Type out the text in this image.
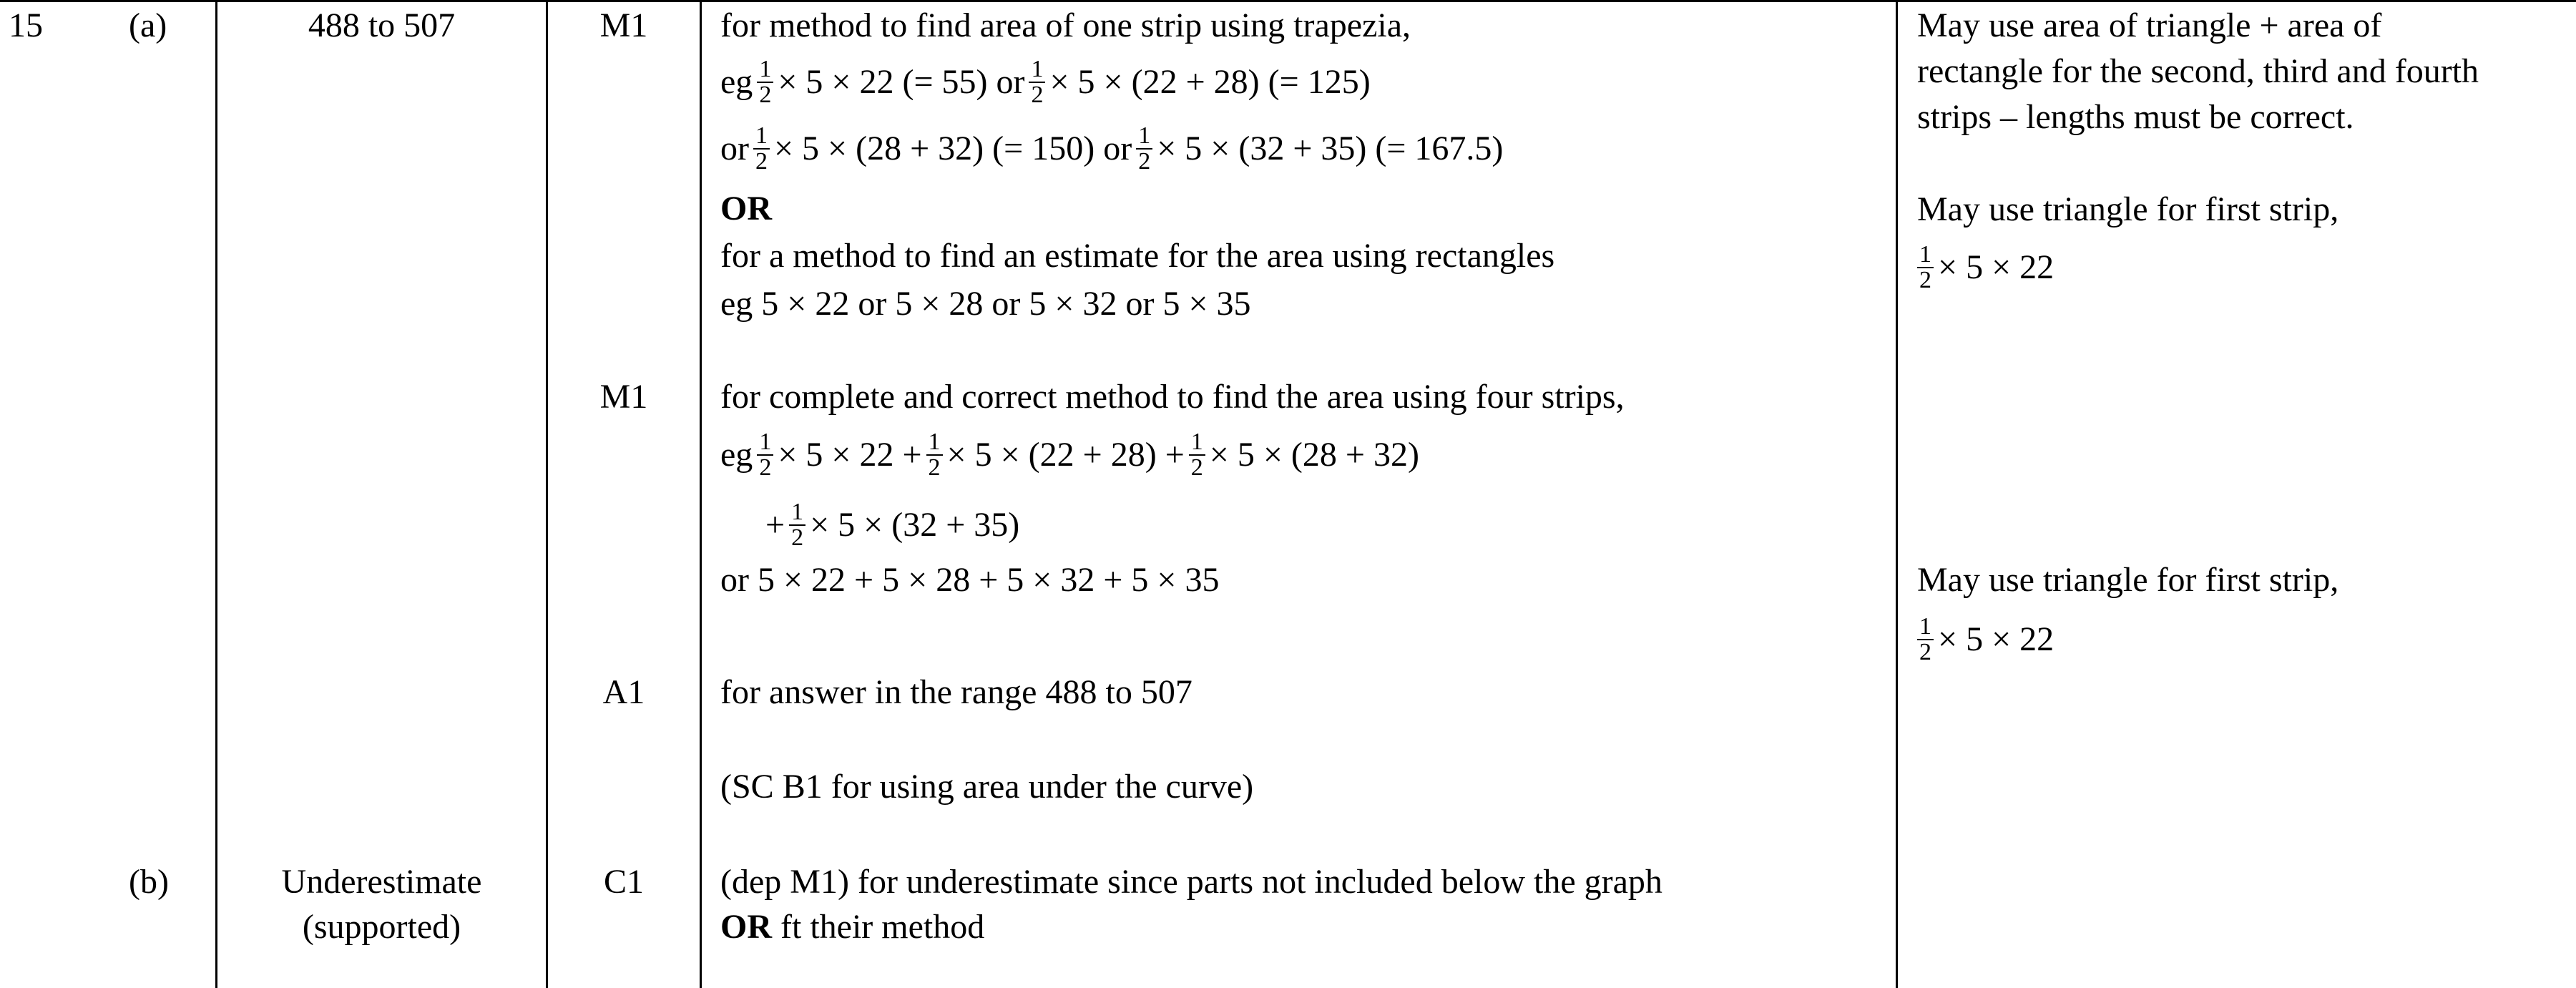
15	(a)
(b)
488 to 507
Underestimate
(supported)
M1
M1
A1
C1
for method to find area of one strip using trapezia,
eg $\frac{1}{2} \times 5 \times 22$ (= 55) or $\frac{1}{2} \times 5 \times (22 + 28)$ (= 125)
or $\frac{1}{2} \times 5 \times (28 + 32)$ (= 150) or $\frac{1}{2} \times 5 \times (32 + 35)$ (= 167.5)
OR
for a method to find an estimate for the area using rectangles
eg 5 × 22 or 5 × 28 or 5 × 32 or 5 × 35
for complete and correct method to find the area using four strips,
eg $\frac{1}{2} \times 5 \times 22 + \frac{1}{2} \times 5 \times (22 + 28) + \frac{1}{2} \times 5 \times (28 + 32)$
+ $\frac{1}{2} \times 5 \times (32 + 35)$
or 5 × 22 + 5 × 28 + 5 × 32 + 5 × 35
for answer in the range 488 to 507
(SC B1 for using area under the curve)
(dep M1) for underestimate since parts not included below the graph
OR ft their method
May use area of triangle + area of
rectangle for the second, third and fourth
strips – lengths must be correct.
May use triangle for first strip,
$\frac{1}{2} \times 5 \times 22$
May use triangle for first strip,
$\frac{1}{2} \times 5 \times 22$
